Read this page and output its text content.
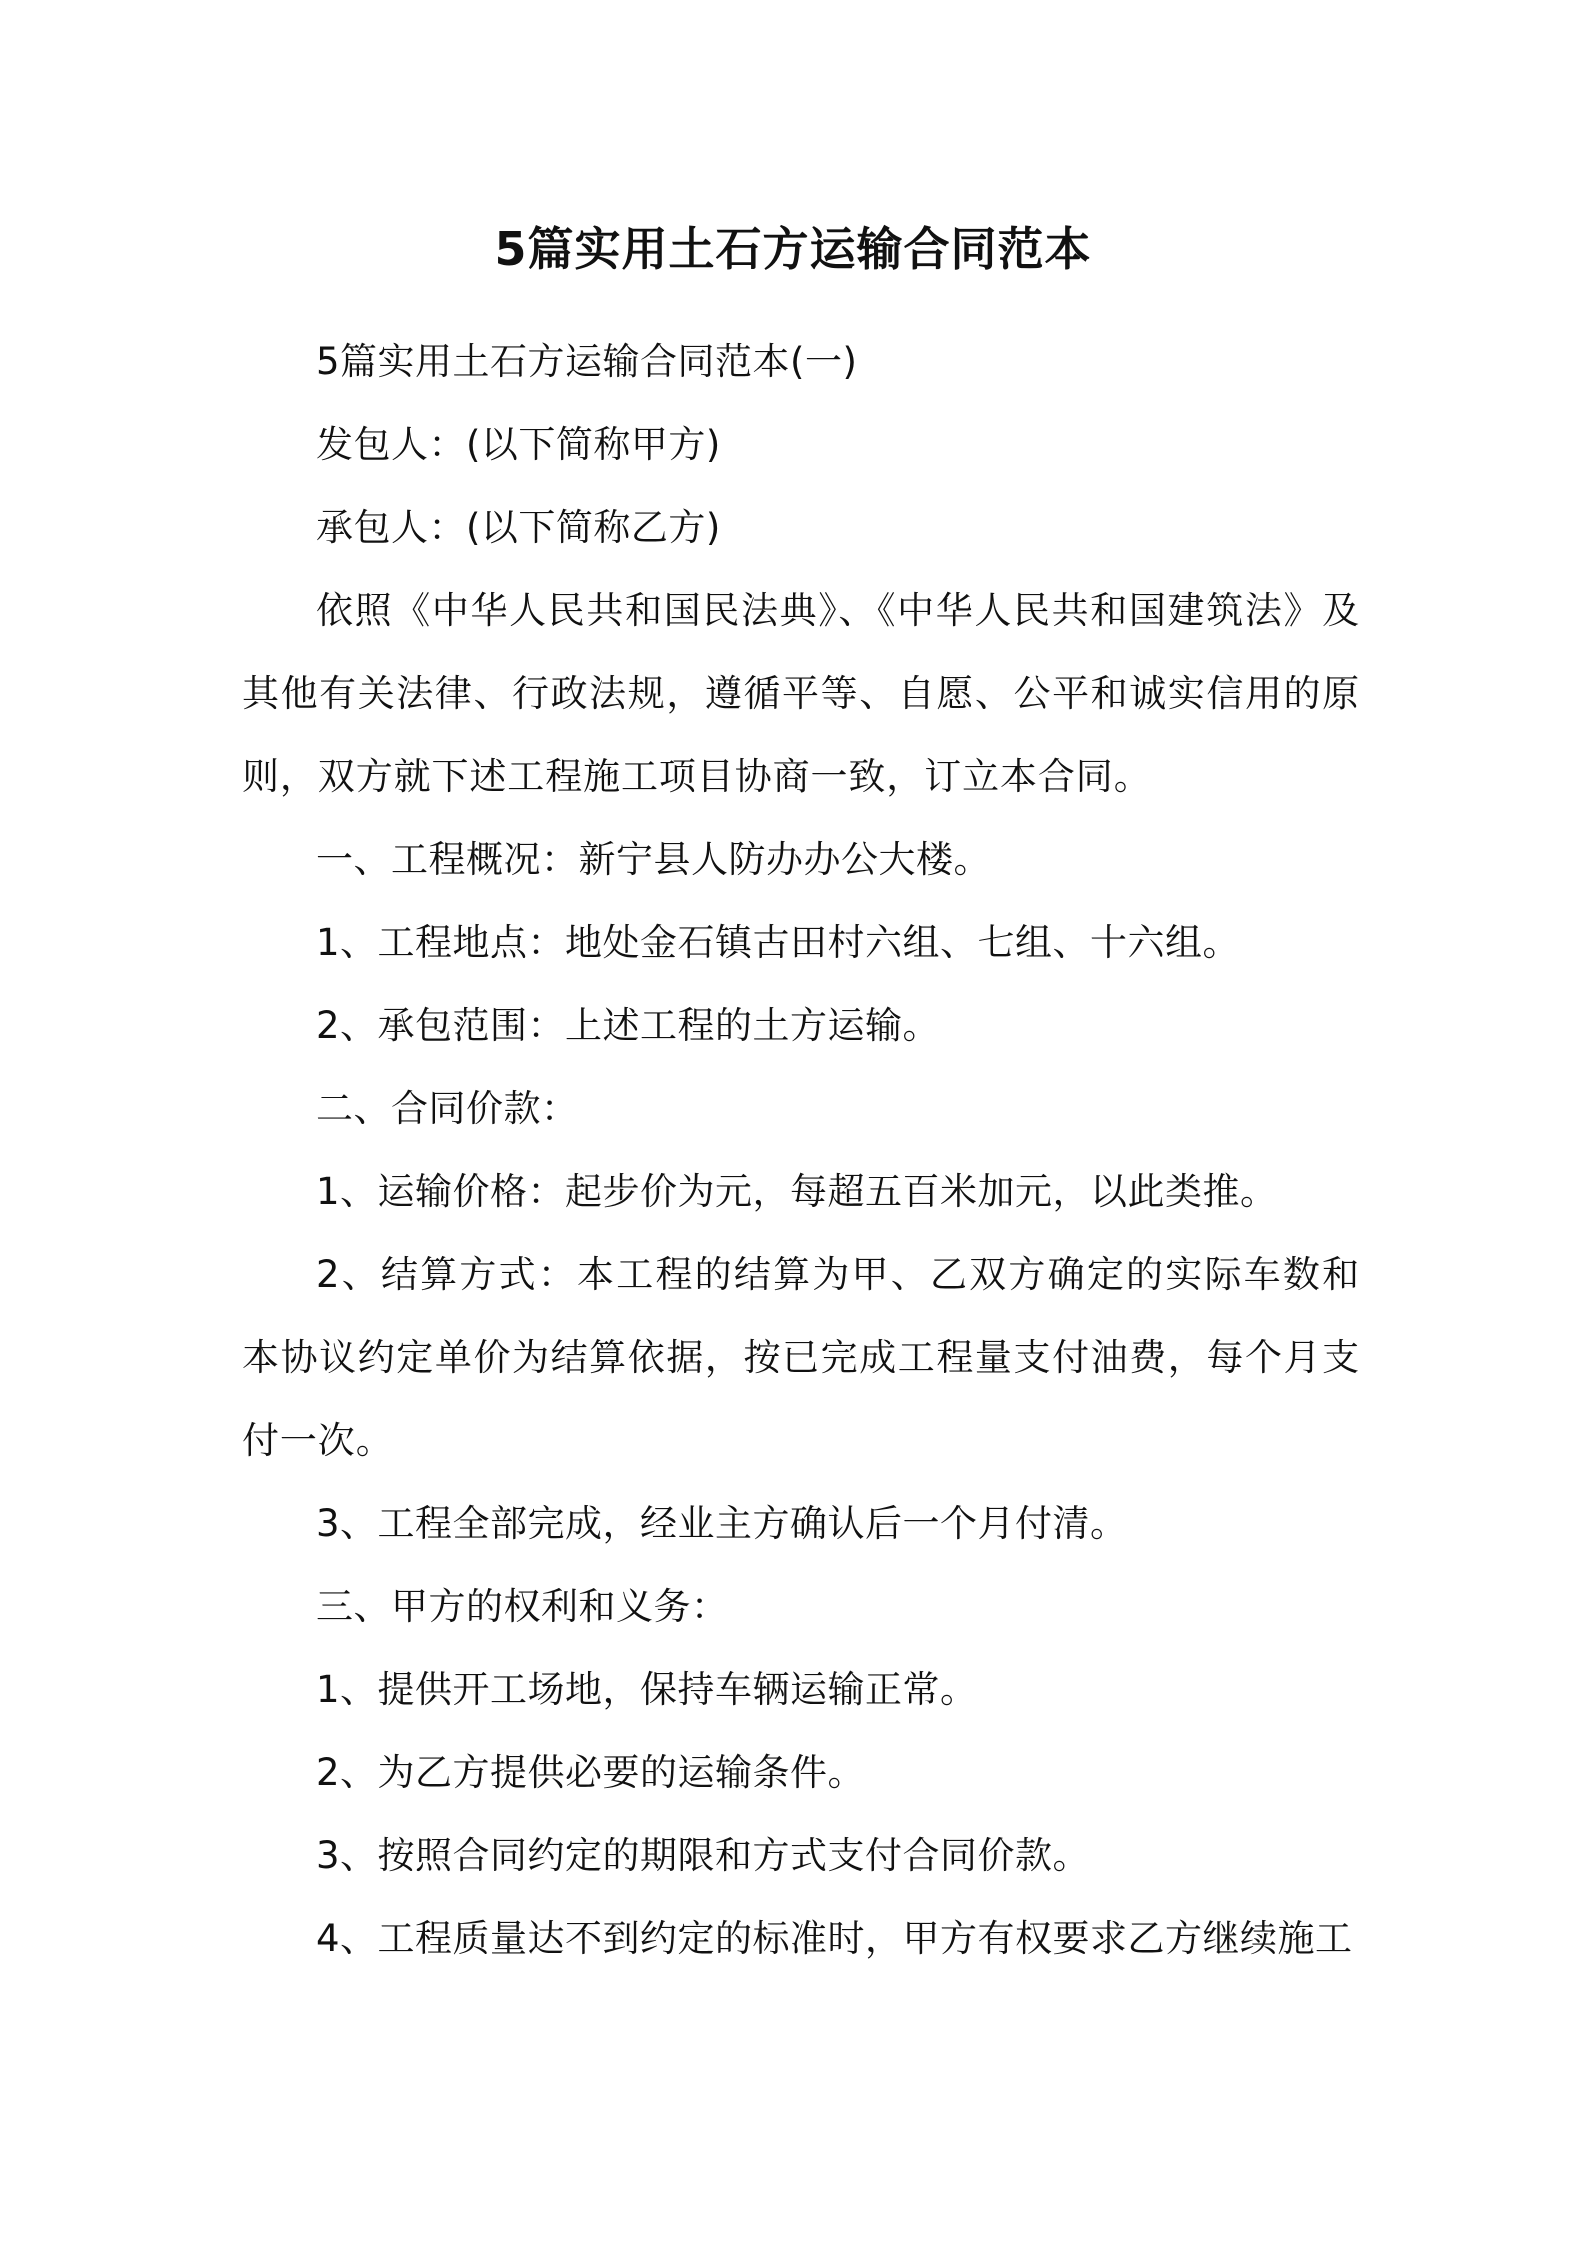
5篇实用土石方运输合同范本

5篇实用土石方运输合同范本(一)

发包人：(以下简称甲方)

承包人：(以下简称乙方)

依照《中华人民共和国民法典》、《中华人民共和国建筑法》及其他有关法律、行政法规，遵循平等、自愿、公平和诚实信用的原则，双方就下述工程施工项目协商一致，订立本合同。

一、工程概况：新宁县人防办办公大楼。

1、工程地点：地处金石镇古田村六组、七组、十六组。

2、承包范围：上述工程的土方运输。

二、合同价款：

1、运输价格：起步价为元，每超五百米加元，以此类推。

2、结算方式：本工程的结算为甲、乙双方确定的实际车数和本协议约定单价为结算依据，按已完成工程量支付油费，每个月支付一次。

3、工程全部完成，经业主方确认后一个月付清。

三、甲方的权利和义务：

1、提供开工场地，保持车辆运输正常。

2、为乙方提供必要的运输条件。

3、按照合同约定的期限和方式支付合同价款。

4、工程质量达不到约定的标准时，甲方有权要求乙方继续施工
